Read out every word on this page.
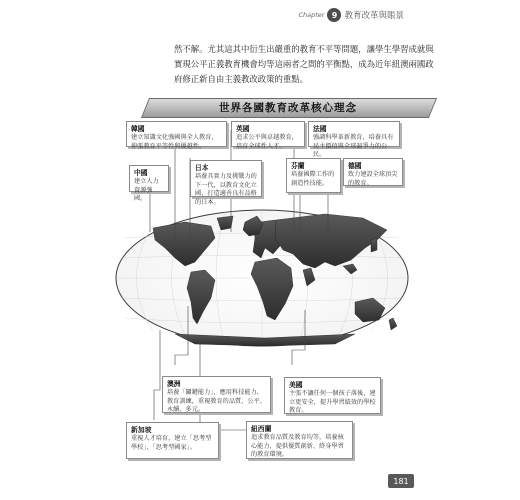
Chapter 9 教育改革與賬景

然不解。尤其這其中衍生出嚴重的教育不平等問題，讓學生學習成就與實現公平正義教育機會均等這兩者之間的平衡點，成為近年紐澳兩國政府修正新自由主義教改政策的重點。

世界各國教育改革核心理念
韓國
建立知識文化強國與全人教育，伸張教育平等性與優越性。
英國
追求公平與卓越教育，培育全球性人才。
法國
強調科學革新教育，培養具有民主價值與全球競爭力的公民。
日本
培養具實力及挑戰力的下一代，以教育文化立國，打造適善良有品格的日本。
中國
建立人力資源強國。
芬蘭
培養國際工作的創造性技能。
德國
致力建設全球頂尖的教育。
澳洲
培養「關鍵能力」，應用科技能力，教育訓練，重視教育的品質、公平、永續、多元。
美國
主張不讓任何一個孩子落後，建立更安全，提升學習績效的學校教育。
新加坡
重視人才培育，建立「思考型學校」、「思考型國家」。
紐西蘭
追求教育品質及教育均等，培養核心能力，提供優質創新、終身學習的教育環境。
181
